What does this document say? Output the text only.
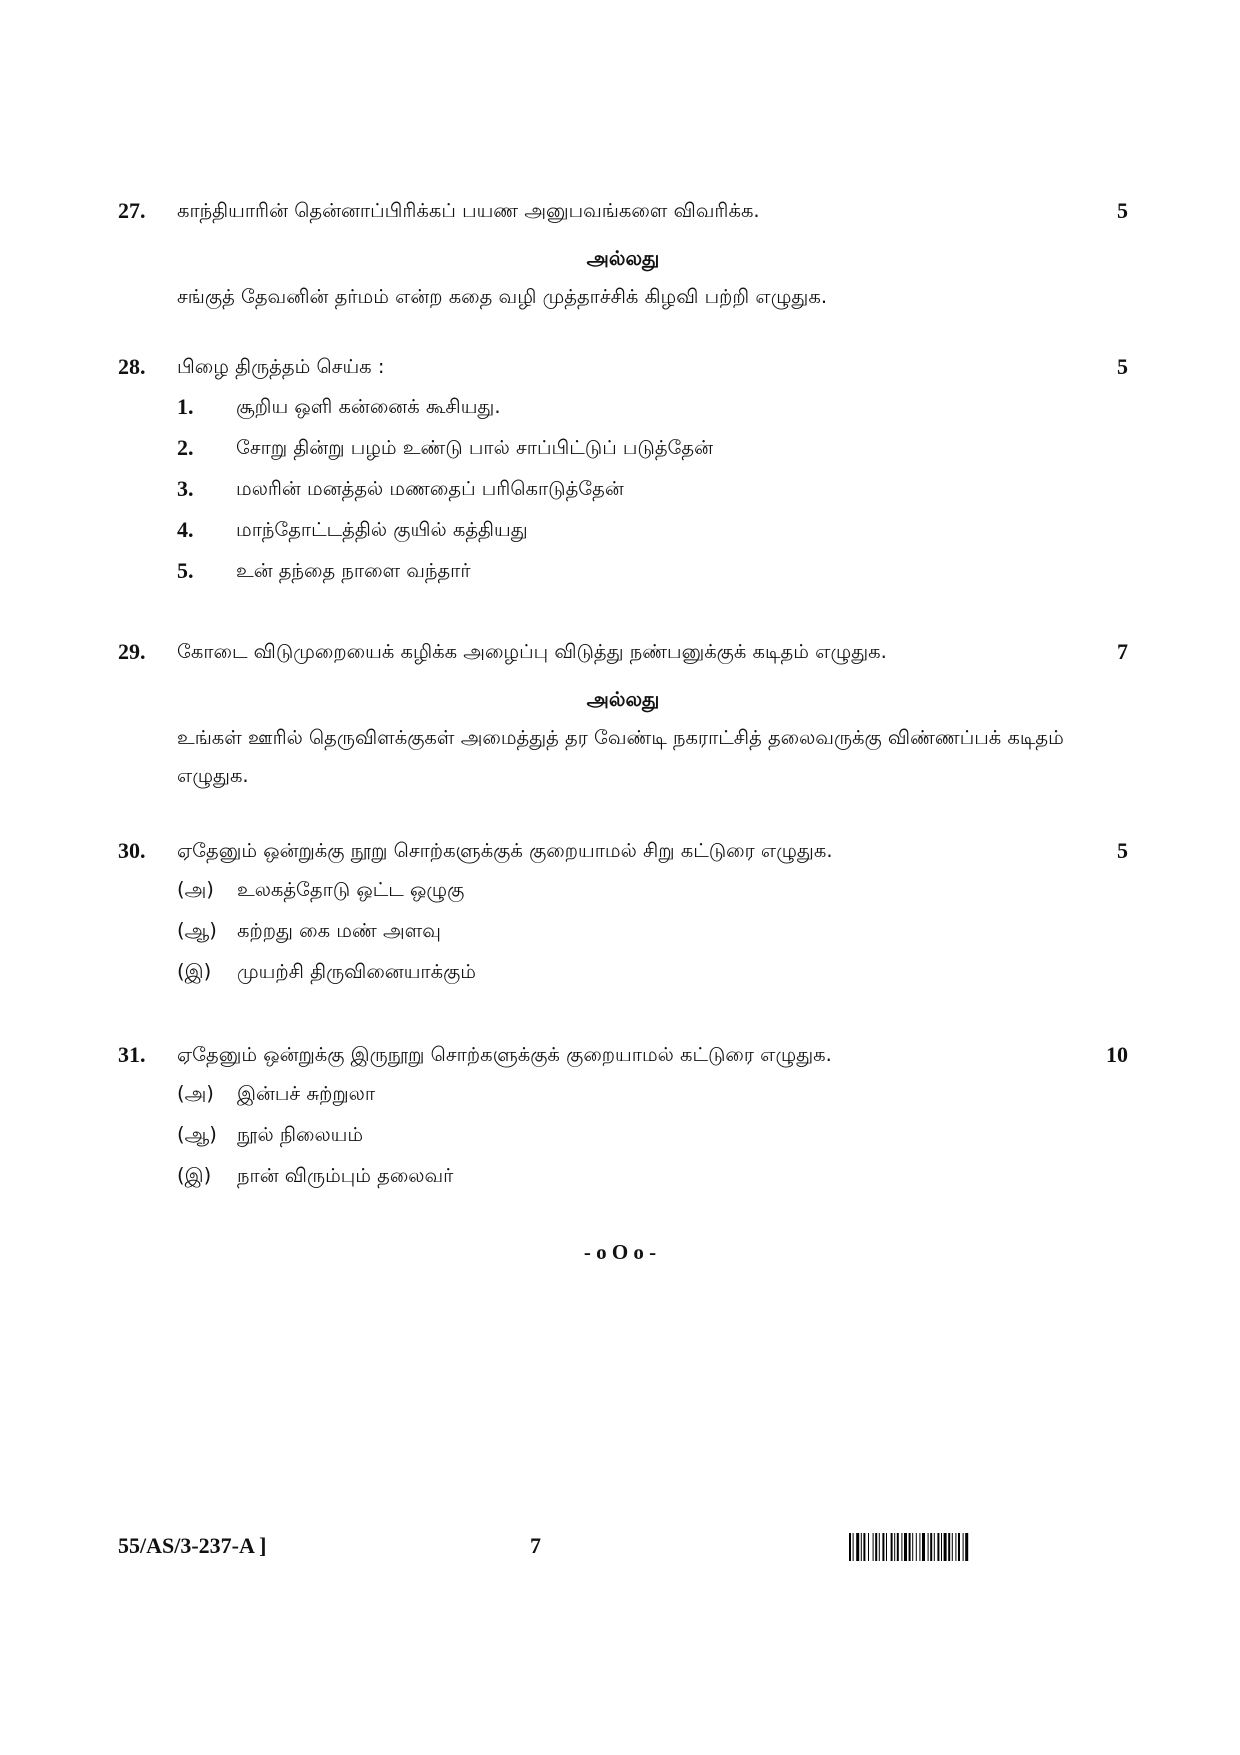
27. காந்தியாரின் தென்னாப்பிரிக்கப் பயண அனுபவங்களை விவரிக்க.	5
அல்லது
சங்குத் தேவனின் தர்மம் என்ற கதை வழி முத்தாச்சிக் கிழவி பற்றி எழுதுக.
28. பிழை திருத்தம் செய்க :	5
1. சூறிய ஒளி கன்னைக் கூசியது.
2. சோறு தின்று பழம் உண்டு பால் சாப்பிட்டுப் படுத்தேன்
3. மலரின் மனத்தல் மணதைப் பரிகொடுத்தேன்
4. மாந்தோட்டத்தில் குயில் கத்தியது
5. உன் தந்தை நாளை வந்தார்
29. கோடை விடுமுறையைக் கழிக்க அழைப்பு விடுத்து நண்பனுக்குக் கடிதம் எழுதுக.	7
அல்லது
உங்கள் ஊரில் தெருவிளக்குகள் அமைத்துத் தர வேண்டி நகராட்சித் தலைவருக்கு விண்ணப்பக் கடிதம் எழுதுக.
30. ஏதேனும் ஒன்றுக்கு நூறு சொற்களுக்குக் குறையாமல் சிறு கட்டுரை எழுதுக.	5
(அ) உலகத்தோடு ஒட்ட ஒழுகு
(ஆ) கற்றது கை மண் அளவு
(இ) முயற்சி திருவினையாக்கும்
31. ஏதேனும் ஒன்றுக்கு இருநூறு சொற்களுக்குக் குறையாமல் கட்டுரை எழுதுக.	10
(அ) இன்பச் சுற்றுலா
(ஆ) நூல் நிலையம்
(இ) நான் விரும்பும் தலைவர்
- o O o -
55/AS/3-237-A ]	7
